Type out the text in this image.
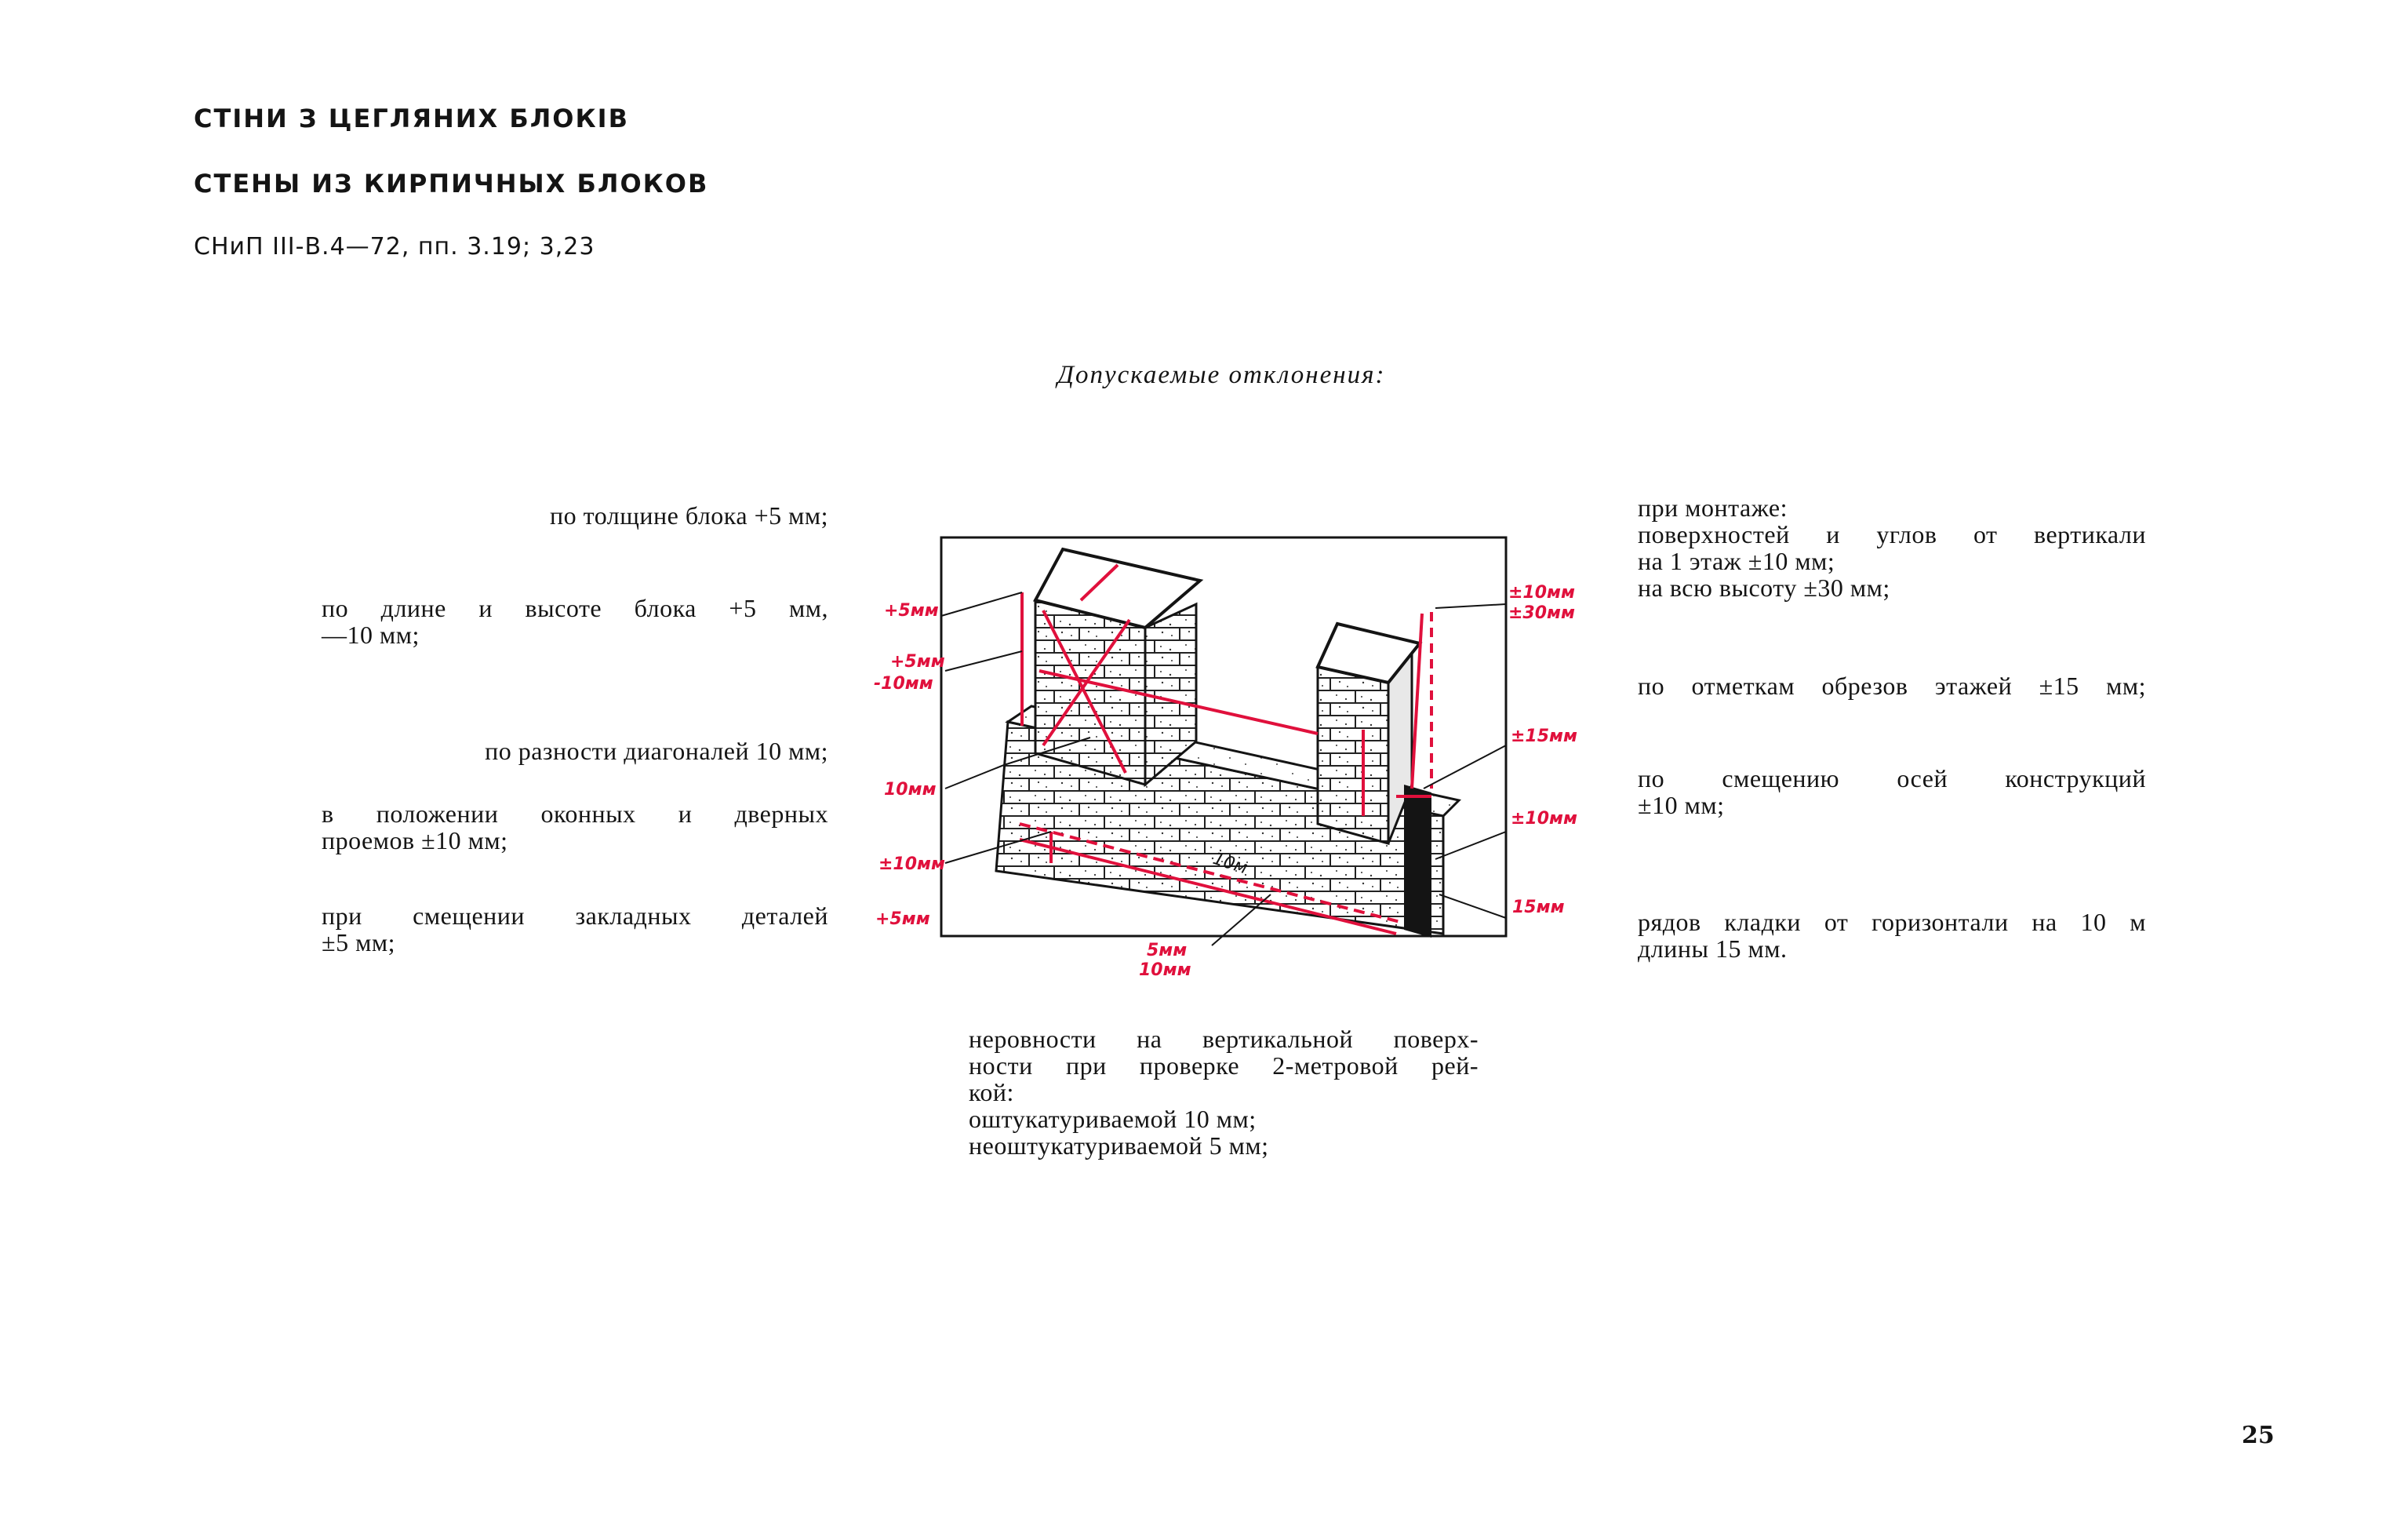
СТІНИ З ЦЕГЛЯНИХ БЛОКІВ
СТЕНЫ ИЗ КИРПИЧНЫХ БЛОКОВ
СНиП III-В.4—72, пп. 3.19; 3,23
Допускаемые отклонения:
по толщине блока +5 мм;
по длине и высоте блока +5 мм,
—10 мм;
по разности диагоналей 10 мм;
в положении оконных и дверных
проемов ±10 мм;
при смещении закладных деталей
±5 мм;
при монтаже:
поверхностей и углов от вертикали
на 1 этаж ±10 мм;
на всю высоту ±30 мм;
по отметкам обрезов этажей ±15 мм;
по смещению осей конструкций
±10 мм;
рядов кладки от горизонтали на 10 м
длины 15 мм.
неровности на вертикальной поверх-
ности при проверке 2-метровой рей-
кой:
оштукатуриваемой 10 мм;
неоштукатуриваемой 5 мм;
25
+5мм
+5мм
-10мм
10мм
±10мм
+5мм
±10мм
±30мм
±15мм
±10мм
15мм
5мм
10мм
10м
